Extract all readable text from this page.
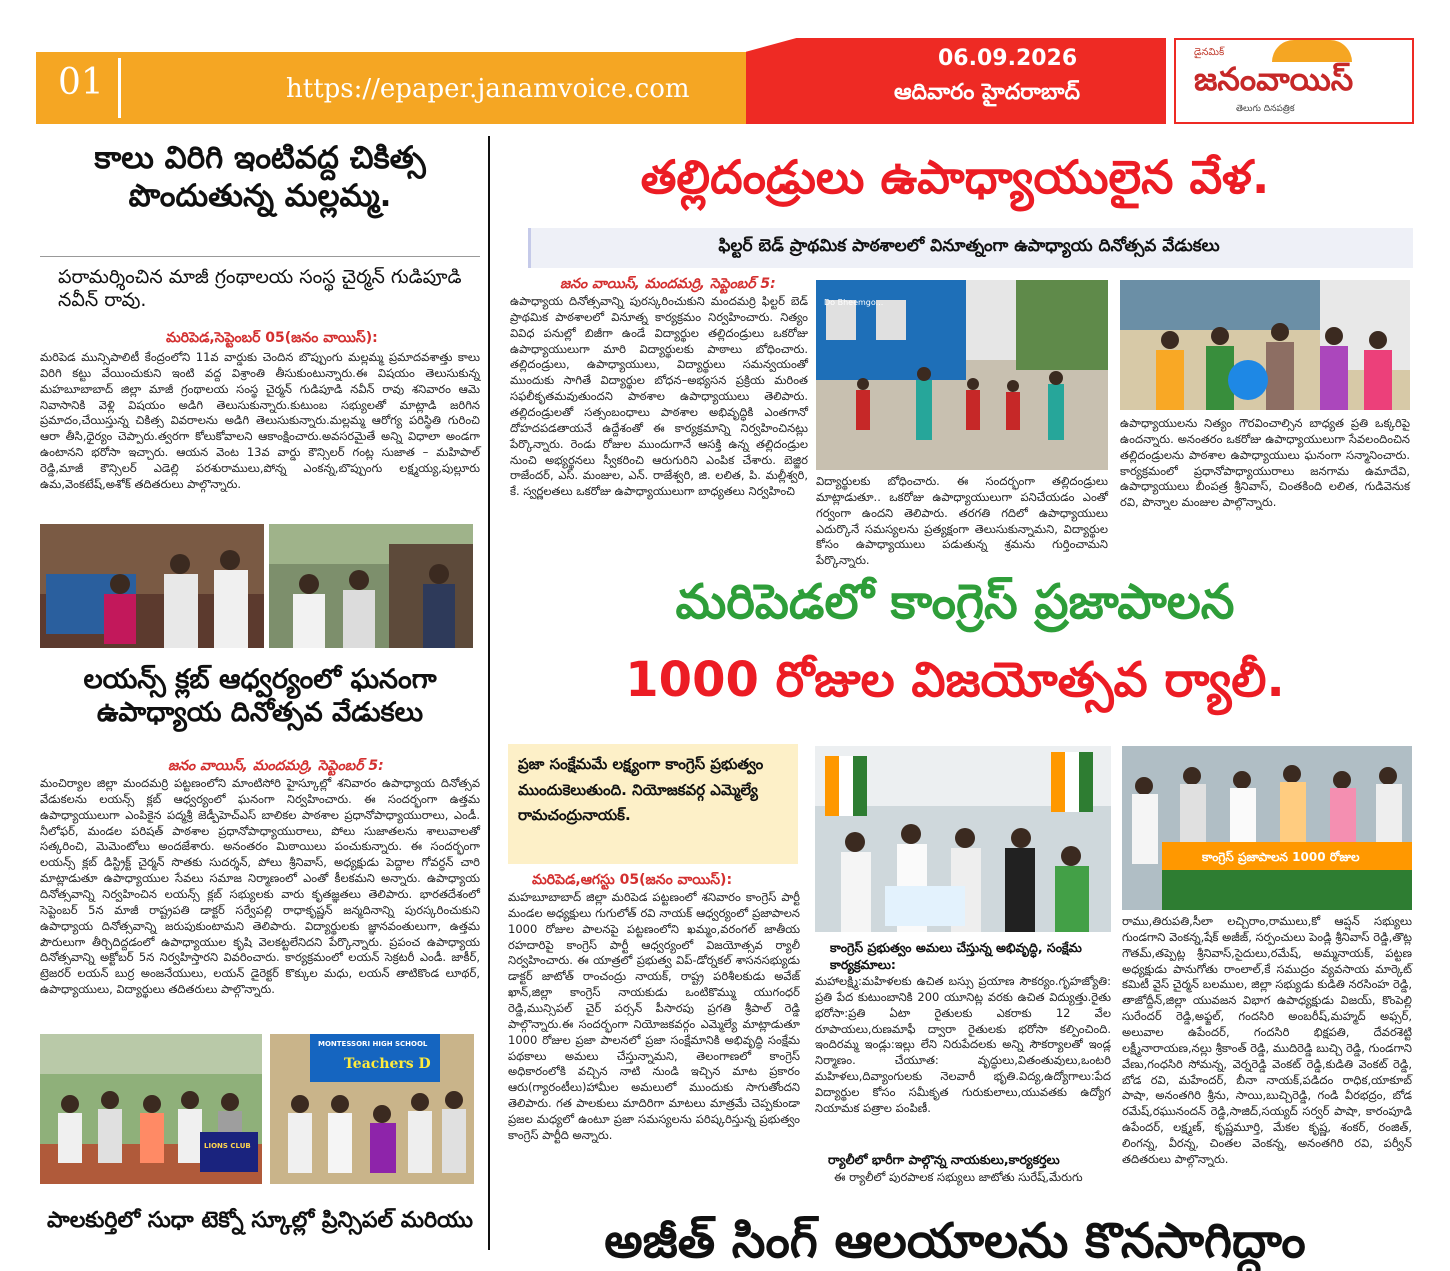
01	https://epaper.janamvoice.com
06.09.2026
ఆదివారం హైదరాబాద్
డైనమిక్
జనంవాయిస్
తెలుగు దినపత్రిక
కాలు విరిగి ఇంటివద్ద చికిత్స పొందుతున్న మల్లమ్మ.
పరామర్శించిన మాజీ గ్రంథాలయ సంస్థ చైర్మన్ గుడిపూడి నవీన్ రావు.
మరిపెడ,సెప్టెంబర్ 05(జనం వాయిస్):
మరిపెడ మున్సిపాలిటీ కేంద్రంలోని 11వ వార్డుకు చెందిన బొప్పుంగు మల్లమ్మ ప్రమాదవశాత్తు కాలు విరిగి కట్టు వేయించుకుని ఇంటి వద్ద విశ్రాంతి తీసుకుంటున్నారు.ఈ విషయం తెలుసుకున్న మహబూబాబాద్ జిల్లా మాజీ గ్రంథాలయ సంస్థ చైర్మన్ గుడిపూడి నవీన్ రావు శనివారం ఆమె నివాసానికి వెళ్లి విషయం అడిగి తెలుసుకున్నారు.కుటుంబ సభ్యులతో మాట్లాడి జరిగిన ప్రమాదం,చేయిస్తున్న చికిత్స వివరాలను అడిగి తెలుసుకున్నారు.మల్లమ్మ ఆరోగ్య పరిస్థితి గురించి ఆరా తీసి,ధైర్యం చెప్పారు.త్వరగా కోలుకోవాలని ఆకాంక్షించారు.అవసరమైతే అన్ని విధాలా అండగా ఉంటానని భరోసా ఇచ్చారు. ఆయన వెంట 13వ వార్డు కౌన్సిలర్ గంట్ల సుజాత – మహిపాల్ రెడ్డి,మాజీ కౌన్సిలర్ ఎడెల్లి పరశురాములు,పోన్న ఎంకన్న,బొప్పుంగు లక్ష్మయ్య,పుల్లూరు ఉమ,వెంకటేష్,అశోక్ తదితరులు పాల్గొన్నారు.
లయన్స్ క్లబ్ ఆధ్వర్యంలో ఘనంగా ఉపాధ్యాయ దినోత్సవ వేడుకలు
జనం వాయిస్, మందమర్రి, సెప్టెంబర్ 5:
మంచిర్యాల జిల్లా మందమర్రి పట్టణంలోని మాంటిసోరి హైస్కూల్లో శనివారం ఉపాధ్యాయ దినోత్సవ వేడుకలను లయన్స్ క్లబ్ ఆధ్వర్యంలో ఘనంగా నిర్వహించారు. ఈ సందర్భంగా ఉత్తమ ఉపాధ్యాయులుగా ఎంపికైన పద్మశ్రీ జెడ్పీహెచ్ఎస్ బాలికల పాఠశాల ప్రధానోపాధ్యాయురాలు, ఎండీ. నీలోఫర్, మండల పరిషత్ పాఠశాల ప్రధానోపాధ్యాయురాలు, పోలు సుజాతలను శాలువాలతో సత్కరించి, మెమెంటోలు అందజేశారు. అనంతరం మిఠాయిలు పంచుకున్నారు. ఈ సందర్భంగా లయన్స్ క్లబ్ డిస్ట్రిక్ట్ చైర్మన్ సొతకు సుదర్శన్, పోలు శ్రీనివాస్, అధ్యక్షుడు పెద్దాల గోవర్ధన్ చారి మాట్లాడుతూ ఉపాధ్యాయుల సేవలు సమాజ నిర్మాణంలో ఎంతో కీలకమని అన్నారు. ఉపాధ్యాయ దినోత్సవాన్ని నిర్వహించిన లయన్స్ క్లబ్ సభ్యులకు వారు కృతజ్ఞతలు తెలిపారు. భారతదేశంలో సెప్టెంబర్ 5న మాజీ రాష్ట్రపతి డాక్టర్ సర్వేపల్లి రాధాకృష్ణన్ జన్మదినాన్ని పురస్కరించుకుని ఉపాధ్యాయ దినోత్సవాన్ని జరుపుకుంటామని తెలిపారు. విద్యార్థులకు జ్ఞానవంతులుగా, ఉత్తమ పౌరులుగా తీర్చిదిద్దడంలో ఉపాధ్యాయుల కృషి వెలకట్టలేనిదని పేర్కొన్నారు. ప్రపంచ ఉపాధ్యాయ దినోత్సవాన్ని అక్టోబర్ 5న నిర్వహిస్తారని వివరించారు. కార్యక్రమంలో లయన్ సెక్రటరీ ఎండీ. జాకీర్, ట్రెజరర్ లయన్ బుర్ర అంజనేయులు, లయన్ డైరెక్టర్ కొక్కుల మధు, లయన్ తాటికొండ లూథర్, ఉపాధ్యాయులు, విద్యార్థులు తదితరులు పాల్గొన్నారు.
LIONS CLUB
MONTESSORI HIGH SCHOOL
Teachers D
పాలకుర్తిలో సుధా టెక్నో స్కూల్లో ప్రిన్సిపల్ మరియు
తల్లిదండ్రులు ఉపాధ్యాయులైన వేళ.
ఫిల్టర్ బెడ్ ప్రాథమిక పాఠశాలలో వినూత్నంగా ఉపాధ్యాయ దినోత్సవ వేడుకలు
జనం వాయిస్, మందమర్రి, సెప్టెంబర్ 5:
ఉపాధ్యాయ దినోత్సవాన్ని పురస్కరించుకుని మందమర్రి ఫిల్టర్ బెడ్ ప్రాథమిక పాఠశాలలో వినూత్న కార్యక్రమం నిర్వహించారు. నిత్యం వివిధ పనుల్లో బిజీగా ఉండే విద్యార్థుల తల్లిదండ్రులు ఒకరోజు ఉపాధ్యాయులుగా మారి విద్యార్థులకు పాఠాలు బోధించారు. తల్లిదండ్రులు, ఉపాధ్యాయులు, విద్యార్థులు సమన్వయంతో ముందుకు సాగితే విద్యార్థుల బోధన–అభ్యసన ప్రక్రియ మరింత సఫలీకృతమవుతుందని పాఠశాల ఉపాధ్యాయులు తెలిపారు. తల్లిదండ్రులతో సత్సంబంధాలు పాఠశాల అభివృద్ధికి ఎంతగానో దోహదపడతాయనే ఉద్దేశంతో ఈ కార్యక్రమాన్ని నిర్వహించినట్లు పేర్కొన్నారు. రెండు రోజుల ముందుగానే ఆసక్తి ఉన్న తల్లిదండ్రుల నుంచి అభ్యర్థనలు స్వీకరించి ఆరుగురిని ఎంపిక చేశారు. బెజ్జిర రాజేందర్, ఎస్. మంజుల, ఎన్. రాజేశ్వరి, జి. లలిత, పి. మల్లీశ్వరి, కే. స్వర్ణలతలు ఒకరోజు ఉపాధ్యాయులుగా బాధ్యతలు నిర్వహించి
Do Bheemgo...
విద్యార్థులకు బోధించారు. ఈ సందర్భంగా తల్లిదండ్రులు మాట్లాడుతూ.. ఒకరోజు ఉపాధ్యాయులుగా పనిచేయడం ఎంతో గర్వంగా ఉందని తెలిపారు. తరగతి గదిలో ఉపాధ్యాయులు ఎదుర్కొనే సమస్యలను ప్రత్యక్షంగా తెలుసుకున్నామని, విద్యార్థుల కోసం ఉపాధ్యాయులు పడుతున్న శ్రమను గుర్తించామని పేర్కొన్నారు.
ఉపాధ్యాయులను నిత్యం గౌరవించాల్సిన బాధ్యత ప్రతి ఒక్కరిపై ఉందన్నారు. అనంతరం ఒకరోజు ఉపాధ్యాయులుగా సేవలందించిన తల్లిదండ్రులను పాఠశాల ఉపాధ్యాయులు ఘనంగా సన్మానించారు. కార్యక్రమంలో ప్రధానోపాధ్యాయురాలు జనగామ ఉమాదేవి, ఉపాధ్యాయులు బీంపత్ర శ్రీనివాస్, చింతకింది లలిత, గుడివెనుక రవి, పొన్నాల మంజుల పాల్గొన్నారు.
మరిపెడలో కాంగ్రెస్ ప్రజాపాలన
1000 రోజుల విజయోత్సవ ర్యాలీ.
ప్రజా సంక్షేమమే లక్ష్యంగా కాంగ్రెస్ ప్రభుత్వం ముందుకెలుతుంది. నియోజకవర్గ ఎమ్మెల్యే రామచంద్రునాయక్.
మరిపెడ,ఆగస్టు 05(జనం వాయిస్):
మహబూబాబాద్ జిల్లా మరిపెడ పట్టణంలో శనివారం కాంగ్రెస్ పార్టీ మండల అధ్యక్షులు గుగులోత్ రవి నాయక్ ఆధ్వర్యంలో ప్రజాపాలన 1000 రోజుల పాలనపై పట్టణంలోని ఖమ్మం,వరంగల్ జాతీయ రహదారిపై కాంగ్రెస్ పార్టీ ఆధ్వర్యంలో విజయోత్సవ ర్యాలీ నిర్వహించారు. ఈ యాత్రలో ప్రభుత్వ విప్-డోర్నకల్ శాసనసభ్యుడు డాక్టర్ జాటోత్ రాంచంద్రు నాయక్, రాష్ట్ర పరిశీలకుడు అవేజ్ ఖాన్,జిల్లా కాంగ్రెస్ నాయకుడు ఒంటికొమ్ము యుగంధర్ రెడ్డి,మున్సిపల్ చైర్ పర్సన్ పీసారపు ప్రగతి శ్రీపాల్ రెడ్డి పాల్గొన్నారు.ఈ సందర్భంగా నియోజకవర్గం ఎమ్మెల్యే మాట్లాడుతూ 1000 రోజుల ప్రజా పాలనలో ప్రజా సంక్షేమానికి అభివృద్ధి సంక్షేమ పథకాలు అమలు చేస్తున్నామని, తెలంగాణలో కాంగ్రెస్ అధికారంలోకి వచ్చిన నాటి నుండి ఇచ్చిన మాట ప్రకారం ఆరు(గ్యారంటీలు)హామీల అమలులో ముందుకు సాగుతోందని తెలిపారు. గత పాలకులు మాదిరిగా మాటలు మాత్రమే చెప్పకుండా ప్రజల మధ్యలో ఉంటూ ప్రజా సమస్యలను పరిష్కరిస్తున్న ప్రభుత్వం కాంగ్రెస్ పార్టీది అన్నారు.
కాంగ్రెస్ ప్రజాపాలన 1000 రోజుల
కాంగ్రెస్ ప్రభుత్వం అమలు చేస్తున్న అభివృద్ధి, సంక్షేమ కార్యక్రమాలు:
మహాలక్ష్మి:మహిళలకు ఉచిత బస్సు ప్రయాణ సౌకర్యం.గృహజ్యోతి: ప్రతి పేద కుటుంబానికి 200 యూనిట్ల వరకు ఉచిత విద్యుత్తు.రైతు భరోసా:ప్రతి ఏటా రైతులకు ఎకరాకు 12 వేల రూపాయలు,రుణమాఫీ ద్వారా రైతులకు భరోసా కల్పించింది. ఇందిరమ్మ ఇండ్లు:ఇల్లు లేని నిరుపేదలకు అన్ని సౌకర్యాలతో ఇండ్ల నిర్మాణం. చేయూత: వృద్ధులు,వితంతువులు,ఒంటరి మహిళలు,దివ్యాంగులకు నెలవారీ భృతి.విద్య,ఉద్యోగాలు:పేద విద్యార్థుల కోసం సమీకృత గురుకులాలు,యువతకు ఉద్యోగ నియామక పత్రాల పంపిణీ.
ర్యాలీలో భారీగా పాల్గొన్న నాయకులు,కార్యకర్తలు
ఈ ర్యాలీలో పురపాలక సభ్యులు జాటోతు సురేష్,మేరుగు
రాము,తిరుపతి,సీలా లచ్చిరాం,రాములు,కో ఆప్షన్ సభ్యులు గుండగాని వెంకన్న,షేక్ అజీజ్, సర్పంచులు పెండ్లి శ్రీనివాస్ రెడ్డి,తొట్ల గౌతమ్,తప్పెట్ల శ్రీనివాస్,సైదులు,రమేష్, అమ్మనాయక్, పట్టణ అధ్యక్షుడు పానుగోతు రాంలాల్,కే సముద్రం వ్యవసాయ మార్కెట్ కమిటీ వైస్ చైర్మన్ బలముల, జిల్లా సభ్యుడు కుడితి నరసింహ రెడ్డి, తాజోద్దీన్,జిల్లా యువజన విభాగ ఉపాధ్యక్షుడు విజయ్, కొంపెల్లి సురేందర్ రెడ్డి,అఫ్జల్, గందసిరి అంబరీష్,మహ్మద్ అఫ్సర్, అలువాల ఉపేందర్, గందసిరి భిక్షపతి, దేవరశెట్టి లక్ష్మీనారాయణ,నల్లు శ్రీకాంత్ రెడ్డి, ముదిరెడ్డి బుచ్చి రెడ్డి, గుండగాని వేణు,గంధసిరి సోమన్న, వెర్నరెడ్డి వెంకట్ రెడ్డి,కుడితి వెంకట్ రెడ్డి, బోడ రవి, మహేందర్, బీనా నాయక్,పడిదం రాధిక,యాకూబ్ పాషా, అనంతగిరి శ్రీను, సాయి,బుచ్చిరెడ్డి, గండి వీరభద్రం, బోడ రమేష్,రఘునందన్ రెడ్డి,సాజిద్,సయ్యద్ సర్వర్ పాషా, కారంపూడి ఉపేందర్, లక్ష్మణ్, కృష్ణమూర్తి, మేకల కృష్ణ, శంకర్, రంజిత్, లింగన్న, వీరన్న, చింతల వెంకన్న, అనంతగిరి రవి, పర్వీన్ తదితరులు పాల్గొన్నారు.
అజీత్ సింగ్ ఆలయాలను కొనసాగిద్దాం
